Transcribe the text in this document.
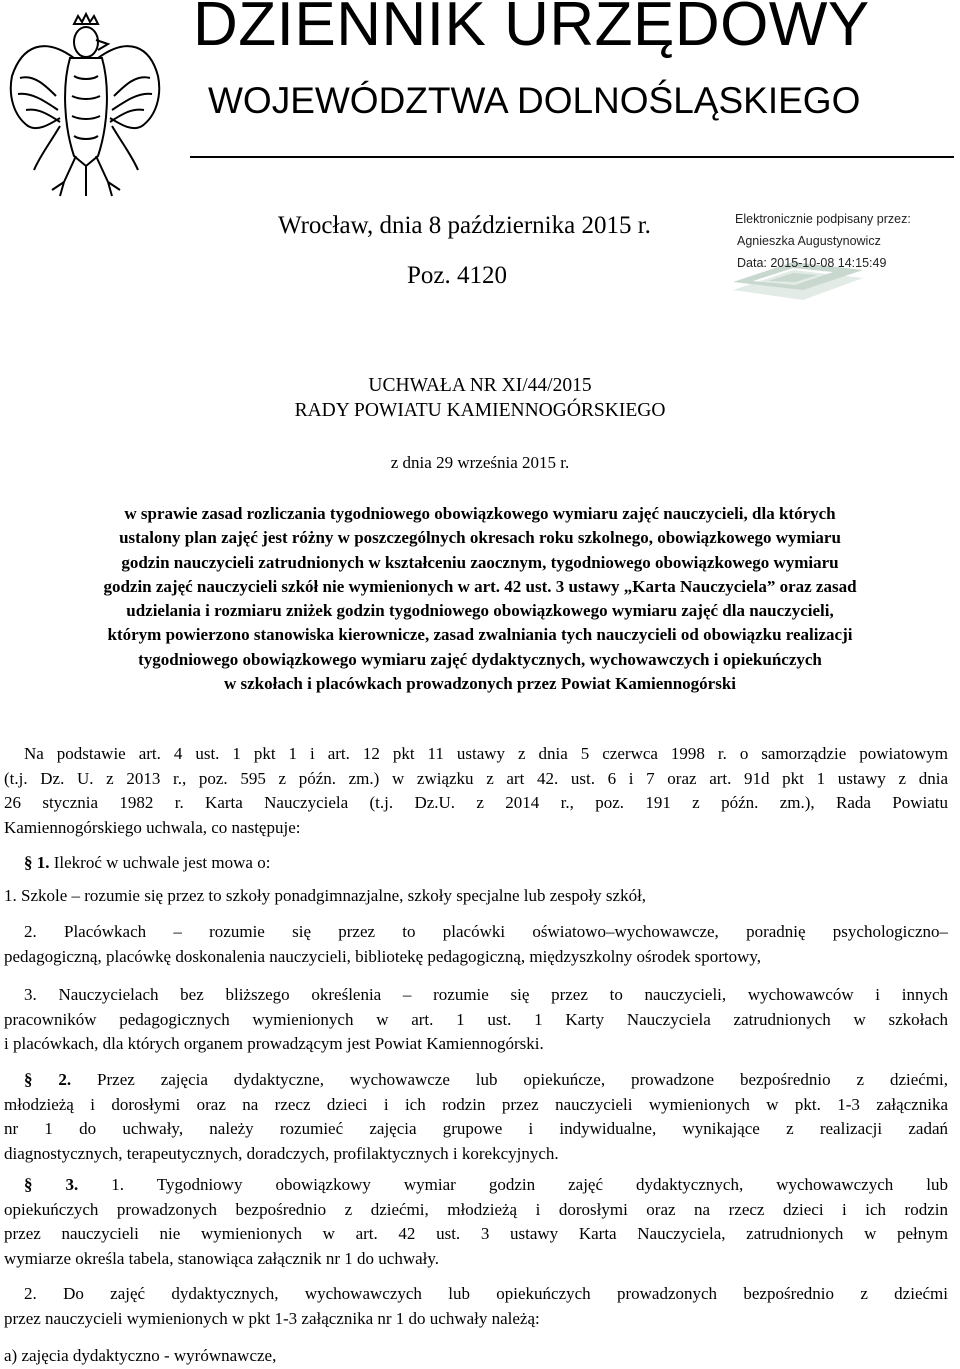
DZIENNIK URZĘDOWY
WOJEWÓDZTWA DOLNOŚLĄSKIEGO
Wrocław, dnia 8 października 2015 r.
Poz. 4120
Elektronicznie podpisany przez:
Agnieszka Augustynowicz
Data: 2015-10-08 14:15:49
UCHWAŁA NR XI/44/2015
RADY POWIATU KAMIENNOGÓRSKIEGO
z dnia 29 września 2015 r.
w sprawie zasad rozliczania tygodniowego obowiązkowego wymiaru zajęć nauczycieli, dla których
ustalony plan zajęć jest różny w poszczególnych okresach roku szkolnego, obowiązkowego wymiaru
godzin nauczycieli zatrudnionych w kształceniu zaocznym, tygodniowego obowiązkowego wymiaru
godzin zajęć nauczycieli szkół nie wymienionych w art. 42 ust. 3 ustawy „Karta Nauczyciela” oraz zasad
udzielania i rozmiaru zniżek godzin tygodniowego obowiązkowego wymiaru zajęć dla nauczycieli,
którym powierzono stanowiska kierownicze, zasad zwalniania tych nauczycieli od obowiązku realizacji
tygodniowego obowiązkowego wymiaru zajęć dydaktycznych, wychowawczych i opiekuńczych
w szkołach i placówkach prowadzonych przez Powiat Kamiennogórski
Na podstawie art. 4 ust. 1 pkt 1 i art. 12 pkt 11 ustawy z dnia 5 czerwca 1998 r. o samorządzie powiatowym
(t.j. Dz. U. z 2013 r., poz. 595 z późn. zm.) w związku z art 42. ust. 6 i 7 oraz art. 91d pkt 1 ustawy z dnia
26 stycznia 1982 r. Karta Nauczyciela (t.j. Dz.U. z 2014 r., poz. 191 z późn. zm.), Rada Powiatu
Kamiennogórskiego uchwala, co następuje:
§ 1. Ilekroć w uchwale jest mowa o:
1. Szkole – rozumie się przez to szkoły ponadgimnazjalne, szkoły specjalne lub zespoły szkół,
2. Placówkach – rozumie się przez to placówki oświatowo–wychowawcze, poradnię psychologiczno–
pedagogiczną, placówkę doskonalenia nauczycieli, bibliotekę pedagogiczną, międzyszkolny ośrodek sportowy,
3. Nauczycielach bez bliższego określenia – rozumie się przez to nauczycieli, wychowawców i innych
pracowników pedagogicznych wymienionych w art. 1 ust. 1 Karty Nauczyciela zatrudnionych w szkołach
i placówkach, dla których organem prowadzącym jest Powiat Kamiennogórski.
§ 2. Przez zajęcia dydaktyczne, wychowawcze lub opiekuńcze, prowadzone bezpośrednio z dziećmi,
młodzieżą i dorosłymi oraz na rzecz dzieci i ich rodzin przez nauczycieli wymienionych w pkt. 1-3 załącznika
nr 1 do uchwały, należy rozumieć zajęcia grupowe i indywidualne, wynikające z realizacji zadań
diagnostycznych, terapeutycznych, doradczych, profilaktycznych i korekcyjnych.
§ 3. 1. Tygodniowy obowiązkowy wymiar godzin zajęć dydaktycznych, wychowawczych lub
opiekuńczych prowadzonych bezpośrednio z dziećmi, młodzieżą i dorosłymi oraz na rzecz dzieci i ich rodzin
przez nauczycieli nie wymienionych w art. 42 ust. 3 ustawy Karta Nauczyciela, zatrudnionych w pełnym
wymiarze określa tabela, stanowiąca załącznik nr 1 do uchwały.
2. Do zajęć dydaktycznych, wychowawczych lub opiekuńczych prowadzonych bezpośrednio z dziećmi
przez nauczycieli wymienionych w pkt 1-3 załącznika nr 1 do uchwały należą:
a) zajęcia dydaktyczno - wyrównawcze,
